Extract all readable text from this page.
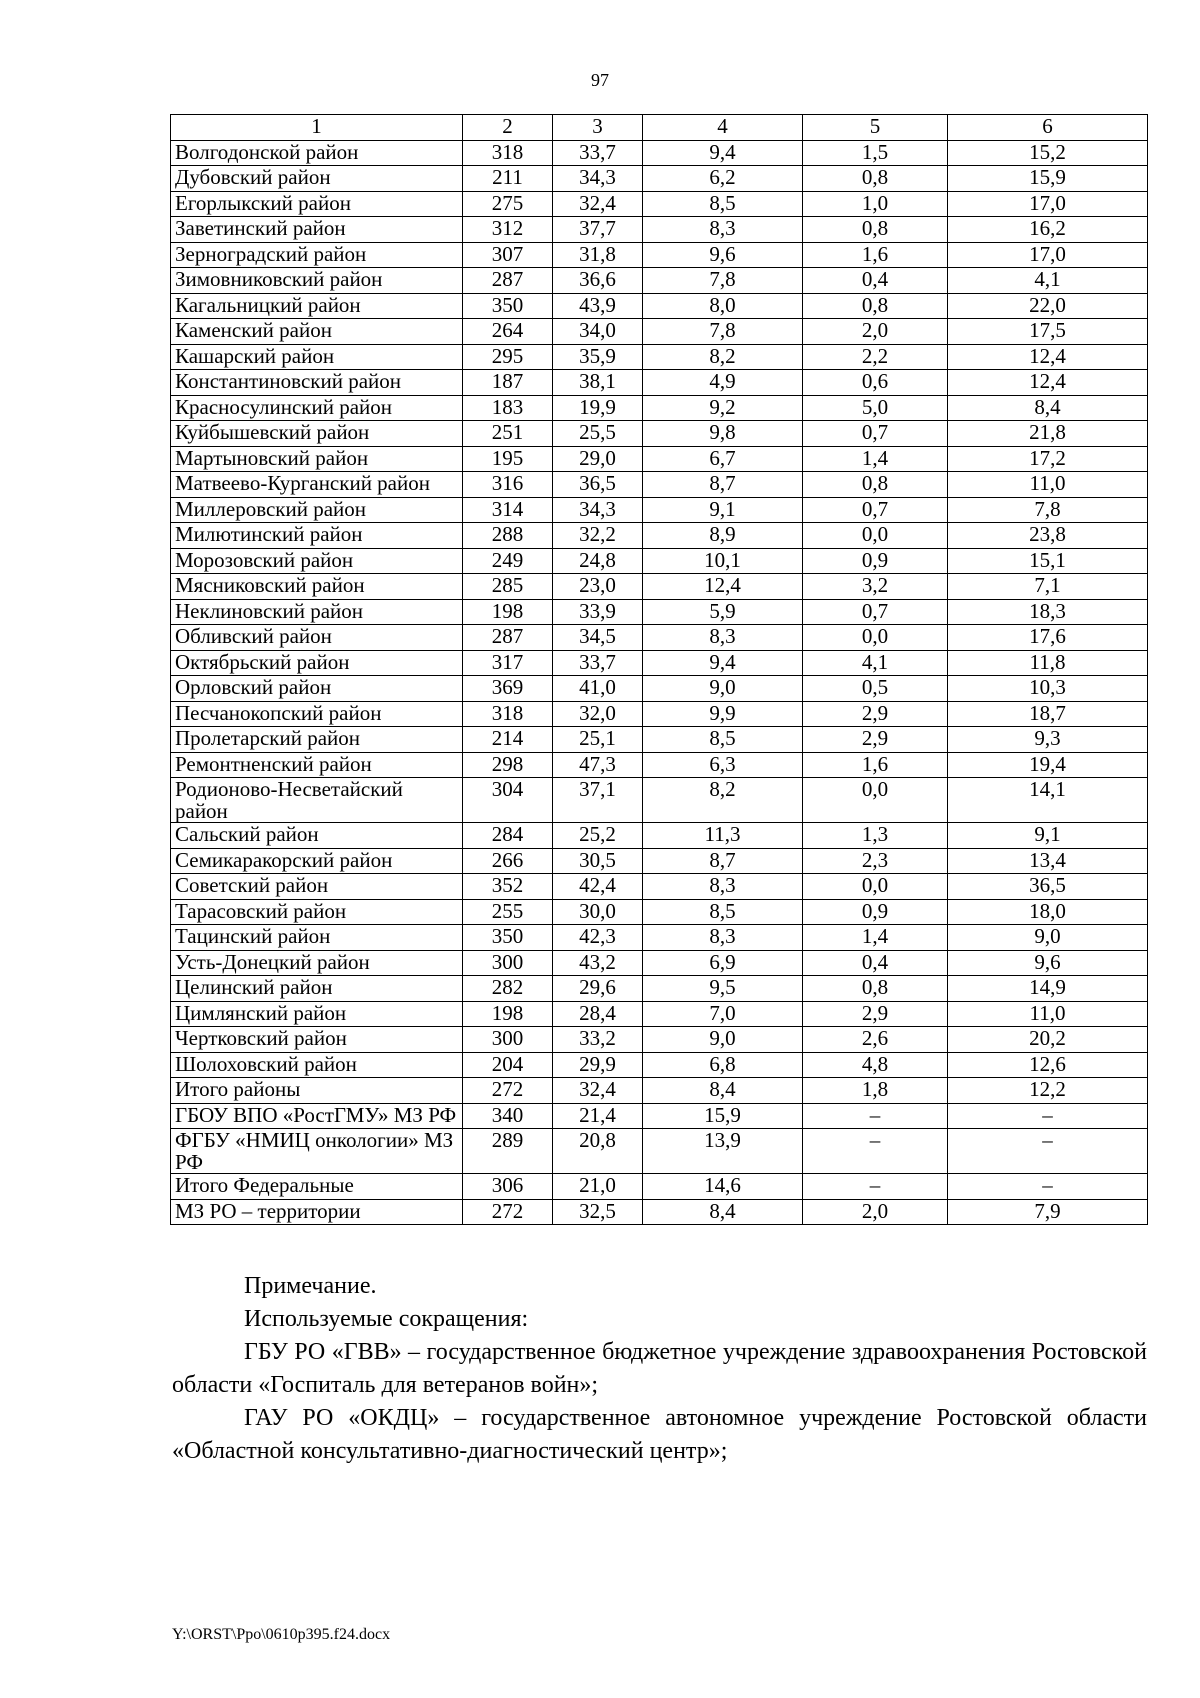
97
1	2	3	4	5	6
Волгодонской район	318	33,7	9,4	1,5	15,2
Дубовский район	211	34,3	6,2	0,8	15,9
Егорлыкский район	275	32,4	8,5	1,0	17,0
Заветинский район	312	37,7	8,3	0,8	16,2
Зерноградский район	307	31,8	9,6	1,6	17,0
Зимовниковский район	287	36,6	7,8	0,4	4,1
Кагальницкий район	350	43,9	8,0	0,8	22,0
Каменский район	264	34,0	7,8	2,0	17,5
Кашарский район	295	35,9	8,2	2,2	12,4
Константиновский район	187	38,1	4,9	0,6	12,4
Красносулинский район	183	19,9	9,2	5,0	8,4
Куйбышевский район	251	25,5	9,8	0,7	21,8
Мартыновский район	195	29,0	6,7	1,4	17,2
Матвеево-Курганский район	316	36,5	8,7	0,8	11,0
Миллеровский район	314	34,3	9,1	0,7	7,8
Милютинский район	288	32,2	8,9	0,0	23,8
Морозовский район	249	24,8	10,1	0,9	15,1
Мясниковский район	285	23,0	12,4	3,2	7,1
Неклиновский район	198	33,9	5,9	0,7	18,3
Обливский район	287	34,5	8,3	0,0	17,6
Октябрьский район	317	33,7	9,4	4,1	11,8
Орловский район	369	41,0	9,0	0,5	10,3
Песчанокопский район	318	32,0	9,9	2,9	18,7
Пролетарский район	214	25,1	8,5	2,9	9,3
Ремонтненский район	298	47,3	6,3	1,6	19,4
Родионово-Несветайский район	304	37,1	8,2	0,0	14,1
Сальский район	284	25,2	11,3	1,3	9,1
Семикаракорский район	266	30,5	8,7	2,3	13,4
Советский район	352	42,4	8,3	0,0	36,5
Тарасовский район	255	30,0	8,5	0,9	18,0
Тацинский район	350	42,3	8,3	1,4	9,0
Усть-Донецкий район	300	43,2	6,9	0,4	9,6
Целинский район	282	29,6	9,5	0,8	14,9
Цимлянский район	198	28,4	7,0	2,9	11,0
Чертковский район	300	33,2	9,0	2,6	20,2
Шолоховский район	204	29,9	6,8	4,8	12,6
Итого районы	272	32,4	8,4	1,8	12,2
ГБОУ ВПО «РостГМУ» МЗ РФ	340	21,4	15,9	–	–
ФГБУ «НМИЦ онкологии» МЗ РФ	289	20,8	13,9	–	–
Итого Федеральные	306	21,0	14,6	–	–
МЗ РО – территории	272	32,5	8,4	2,0	7,9

Примечание.

Используемые сокращения:

ГБУ РО «ГВВ» – государственное бюджетное учреждение здравоохранения Ростовской области «Госпиталь для ветеранов войн»;

ГАУ РО «ОКДЦ» – государственное автономное учреждение Ростовской области «Областной консультативно-диагностический центр»;

Y:\ORST\Ppo\0610p395.f24.docx
